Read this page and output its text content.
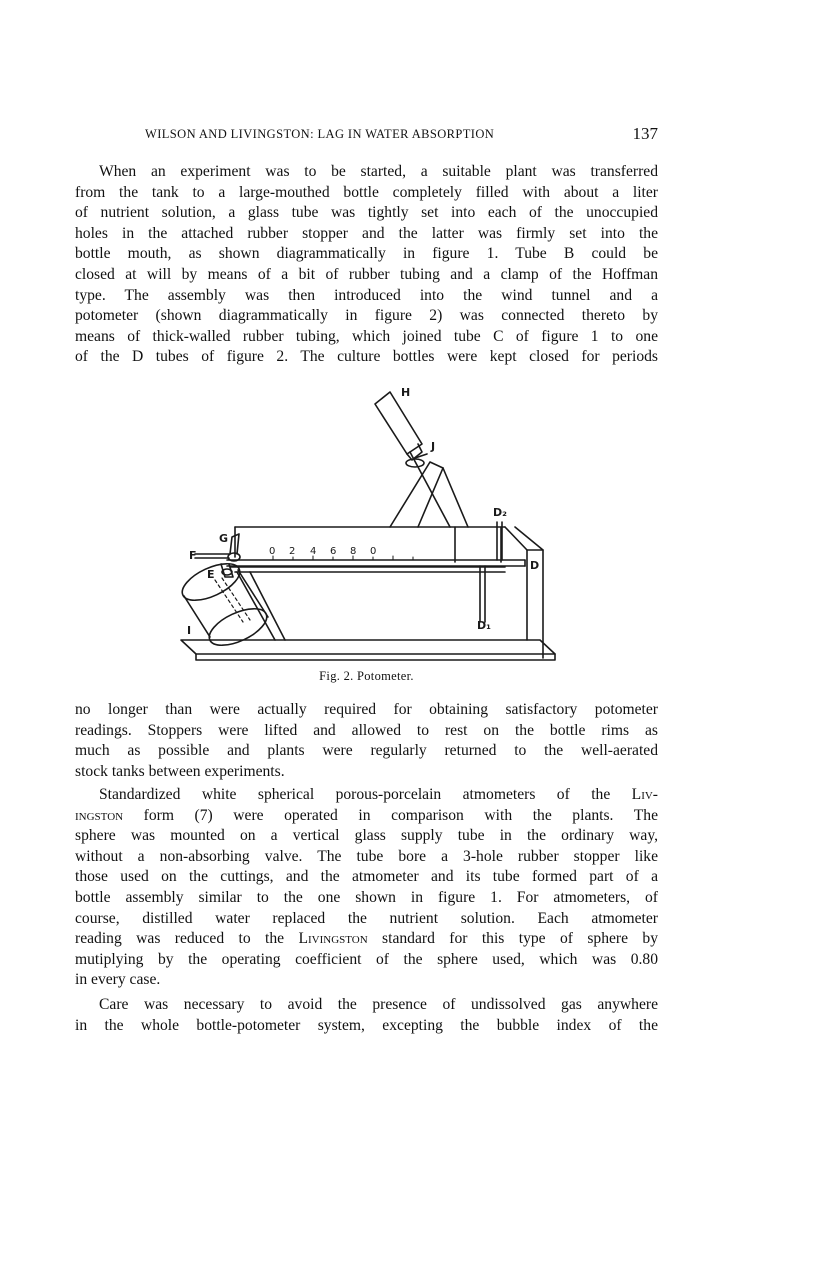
WILSON AND LIVINGSTON: LAG IN WATER ABSORPTION	137

When an experiment was to be started, a suitable plant was transferred
from the tank to a large-mouthed bottle completely filled with about a liter
of nutrient solution, a glass tube was tightly set into each of the unoccupied
holes in the attached rubber stopper and the latter was firmly set into the
bottle mouth, as shown diagrammatically in figure 1. Tube B could be
closed at will by means of a bit of rubber tubing and a clamp of the Hoffman
type. The assembly was then introduced into the wind tunnel and a
potometer (shown diagrammatically in figure 2) was connected thereto by
means of thick-walled rubber tubing, which joined tube C of figure 1 to one
of the D tubes of figure 2. The culture bottles were kept closed for periods

H
J
D₂
G
F
E
D
D₁
I
0 2 4 6 8 0
Fig. 2. Potometer.

no longer than were actually required for obtaining satisfactory potometer
readings. Stoppers were lifted and allowed to rest on the bottle rims as
much as possible and plants were regularly returned to the well-aerated
stock tanks between experiments.

Standardized white spherical porous-porcelain atmometers of the Liv-
ingston form (7) were operated in comparison with the plants. The
sphere was mounted on a vertical glass supply tube in the ordinary way,
without a non-absorbing valve. The tube bore a 3-hole rubber stopper like
those used on the cuttings, and the atmometer and its tube formed part of a
bottle assembly similar to the one shown in figure 1. For atmometers, of
course, distilled water replaced the nutrient solution. Each atmometer
reading was reduced to the Livingston standard for this type of sphere by
mutiplying by the operating coefficient of the sphere used, which was 0.80
in every case.

Care was necessary to avoid the presence of undissolved gas anywhere
in the whole bottle-potometer system, excepting the bubble index of the
